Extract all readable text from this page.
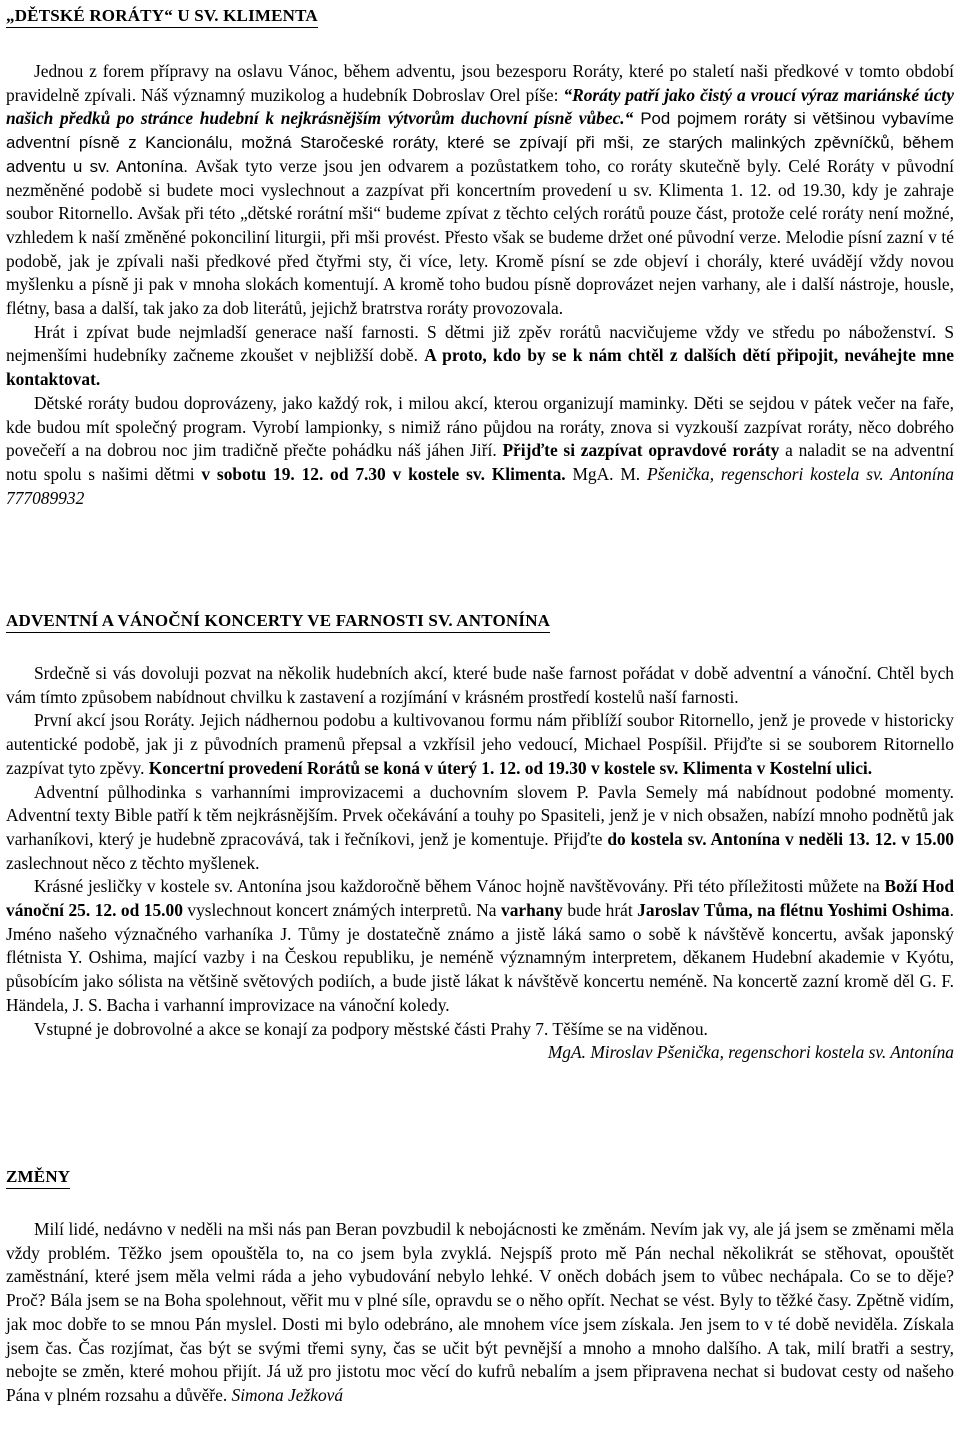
„DĚTSKÉ RORÁTY“ U SV. KLIMENTA

Jednou z forem přípravy na oslavu Vánoc, během adventu, jsou bezesporu Roráty, které po staletí naši předkové v tomto období pravidelně zpívali. Náš významný muzikolog a hudebník Dobroslav Orel píše: “Roráty patří jako čistý a vroucí výraz mariánské úcty našich předků po stránce hudební k nejkrásnějším výtvorům duchovní písně vůbec.“ Pod pojmem roráty si většinou vybavíme adventní písně z Kancionálu, možná Staročeské roráty, které se zpívají při mši, ze starých malinkých zpěvníčků, během adventu u sv. Antonína. Avšak tyto verze jsou jen odvarem a pozůstatkem toho, co roráty skutečně byly. Celé Roráty v původní nezměněné podobě si budete moci vyslechnout a zazpívat při koncertním provedení u sv. Klimenta 1. 12. od 19.30, kdy je zahraje soubor Ritornello. Avšak při této „dětské rorátní mši“ budeme zpívat z těchto celých rorátů pouze část, protože celé roráty není možné, vzhledem k naší změněné pokonciliní liturgii, při mši provést. Přesto však se budeme držet oné původní verze. Melodie písní zazní v té podobě, jak je zpívali naši předkové před čtyřmi sty, či více, lety. Kromě písní se zde objeví i chorály, které uvádějí vždy novou myšlenku a písně ji pak v mnoha slokách komentují. A kromě toho budou písně doprovázet nejen varhany, ale i další nástroje, housle, flétny, basa a další, tak jako za dob literátů, jejichž bratrstva roráty provozovala.

Hrát i zpívat bude nejmladší generace naší farnosti. S dětmi již zpěv rorátů nacvičujeme vždy ve středu po náboženství. S nejmenšími hudebníky začneme zkoušet v nejbližší době. A proto, kdo by se k nám chtěl z dalších dětí připojit, neváhejte mne kontaktovat.

Dětské roráty budou doprovázeny, jako každý rok, i milou akcí, kterou organizují maminky. Děti se sejdou v pátek večer na faře, kde budou mít společný program. Vyrobí lampionky, s nimiž ráno půjdou na roráty, znova si vyzkouší zazpívat roráty, něco dobrého povečeří a na dobrou noc jim tradičně přečte pohádku náš jáhen Jiří. Přijďte si zazpívat opravdové roráty a naladit se na adventní notu spolu s našimi dětmi v sobotu 19. 12. od 7.30 v kostele sv. Klimenta. MgA. M. Pšenička, regenschori kostela sv. Antonína 777089932

ADVENTNÍ A VÁNOČNÍ KONCERTY VE FARNOSTI SV. ANTONÍNA

Srdečně si vás dovoluji pozvat na několik hudebních akcí, které bude naše farnost pořádat v době adventní a vánoční. Chtěl bych vám tímto způsobem nabídnout chvilku k zastavení a rozjímání v krásném prostředí kostelů naší farnosti.

První akcí jsou Roráty. Jejich nádhernou podobu a kultivovanou formu nám přiblíží soubor Ritornello, jenž je provede v historicky autentické podobě, jak ji z původních pramenů přepsal a vzkřísil jeho vedoucí, Michael Pospíšil. Přijďte si se souborem Ritornello zazpívat tyto zpěvy. Koncertní provedení Rorátů se koná v úterý 1. 12. od 19.30 v kostele sv. Klimenta v Kostelní ulici.

Adventní půlhodinka s varhanními improvizacemi a duchovním slovem P. Pavla Semely má nabídnout podobné momenty. Adventní texty Bible patří k těm nejkrásnějším. Prvek očekávání a touhy po Spasiteli, jenž je v nich obsažen, nabízí mnoho podnětů jak varhaníkovi, který je hudebně zpracovává, tak i řečníkovi, jenž je komentuje. Přijďte do kostela sv. Antonína v neděli 13. 12. v 15.00 zaslechnout něco z těchto myšlenek.

Krásné jesličky v kostele sv. Antonína jsou každoročně během Vánoc hojně navštěvovány. Při této příležitosti můžete na Boží Hod vánoční 25. 12. od 15.00 vyslechnout koncert známých interpretů. Na varhany bude hrát Jaroslav Tůma, na flétnu Yoshimi Oshima. Jméno našeho význačného varhaníka J. Tůmy je dostatečně známo a jistě láká samo o sobě k návštěvě koncertu, avšak japonský flétnista Y. Oshima, mající vazby i na Českou republiku, je neméně významným interpretem, děkanem Hudební akademie v Kyótu, působícím jako sólista na většině světových podiích, a bude jistě lákat k návštěvě koncertu neméně. Na koncertě zazní kromě děl G. F. Händela, J. S. Bacha i varhanní improvizace na vánoční koledy.

Vstupné je dobrovolné a akce se konají za podpory městské části Prahy 7. Těšíme se na viděnou.

MgA. Miroslav Pšenička, regenschori kostela sv. Antonína

ZMĚNY

Milí lidé, nedávno v neděli na mši nás pan Beran povzbudil k nebojácnosti ke změnám. Nevím jak vy, ale já jsem se změnami měla vždy problém. Těžko jsem opouštěla to, na co jsem byla zvyklá. Nejspíš proto mě Pán nechal několikrát se stěhovat, opouštět zaměstnání, které jsem měla velmi ráda a jeho vybudování nebylo lehké. V oněch dobách jsem to vůbec nechápala. Co se to děje? Proč? Bála jsem se na Boha spolehnout, věřit mu v plné síle, opravdu se o něho opřít. Nechat se vést. Byly to těžké časy. Zpětně vidím, jak moc dobře to se mnou Pán myslel. Dosti mi bylo odebráno, ale mnohem více jsem získala. Jen jsem to v té době neviděla. Získala jsem čas. Čas rozjímat, čas být se svými třemi syny, čas se učit být pevnější a mnoho a mnoho dalšího. A tak, milí bratři a sestry, nebojte se změn, které mohou přijít. Já už pro jistotu moc věcí do kufrů nebalím a jsem připravena nechat si budovat cesty od našeho Pána v plném rozsahu a důvěře. Simona Ježková
